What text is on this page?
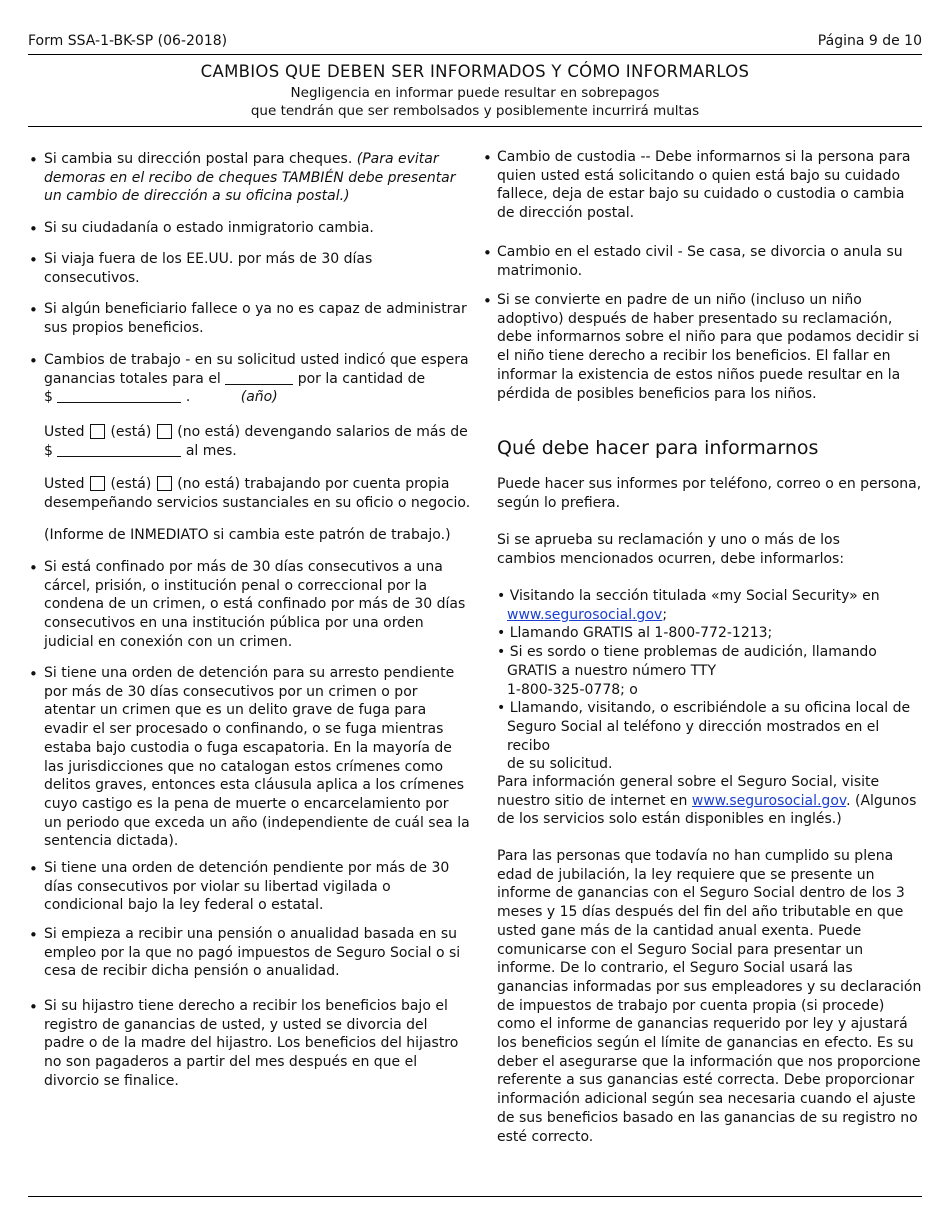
Form SSA-1-BK-SP (06-2018)	Página 9 de 10
CAMBIOS QUE DEBEN SER INFORMADOS Y CÓMO INFORMARLOS
Negligencia en informar puede resultar en sobrepagos
que tendrán que ser rembolsados y posiblemente incurrirá multas
• Si cambia su dirección postal para cheques. (Para evitar demoras en el recibo de cheques TAMBIÉN debe presentar un cambio de dirección a su oficina postal.)
• Si su ciudadanía o estado inmigratorio cambia.
• Si viaja fuera de los EE.UU. por más de 30 días consecutivos.
• Si algún beneficiario fallece o ya no es capaz de administrar sus propios beneficios.
• Cambios de trabajo - en su solicitud usted indicó que espera
ganancias totales para el	por la cantidad de
$	.	(año)
Usted (está) (no está) devengando salarios de más de
$	al mes.
Usted (está) (no está) trabajando por cuenta propia
desempeñando servicios sustanciales en su oficio o negocio.
(Informe de INMEDIATO si cambia este patrón de trabajo.)
• Si está confinado por más de 30 días consecutivos a una cárcel, prisión, o institución penal o correccional por la condena de un crimen, o está confinado por más de 30 días consecutivos en una institución pública por una orden judicial en conexión con un crimen.
• Si tiene una orden de detención para su arresto pendiente por más de 30 días consecutivos por un crimen o por atentar un crimen que es un delito grave de fuga para evadir el ser procesado o confinando, o se fuga mientras estaba bajo custodia o fuga escapatoria. En la mayoría de las jurisdicciones que no catalogan estos crímenes como delitos graves, entonces esta cláusula aplica a los crímenes cuyo castigo es la pena de muerte o encarcelamiento por un periodo que exceda un año (independiente de cuál sea la sentencia dictada).
• Si tiene una orden de detención pendiente por más de 30 días consecutivos por violar su libertad vigilada o condicional bajo la ley federal o estatal.
• Si empieza a recibir una pensión o anualidad basada en su empleo por la que no pagó impuestos de Seguro Social o si cesa de recibir dicha pensión o anualidad.
• Si su hijastro tiene derecho a recibir los beneficios bajo el registro de ganancias de usted, y usted se divorcia del padre o de la madre del hijastro. Los beneficios del hijastro no son pagaderos a partir del mes después en que el divorcio se finalice.
• Cambio de custodia -- Debe informarnos si la persona para quien usted está solicitando o quien está bajo su cuidado fallece, deja de estar bajo su cuidado o custodia o cambia de dirección postal.
• Cambio en el estado civil - Se casa, se divorcia o anula su matrimonio.
• Si se convierte en padre de un niño (incluso un niño adoptivo) después de haber presentado su reclamación, debe informarnos sobre el niño para que podamos decidir si el niño tiene derecho a recibir los beneficios. El fallar en informar la existencia de estos niños puede resultar en la pérdida de posibles beneficios para los niños.
Qué debe hacer para informarnos
Puede hacer sus informes por teléfono, correo o en persona, según lo prefiera.
Si se aprueba su reclamación y uno o más de los cambios mencionados ocurren, debe informarlos:
• Visitando la sección titulada «my Social Security» en
www.segurosocial.gov;
• Llamando GRATIS al 1-800-772-1213;
• Si es sordo o tiene problemas de audición, llamando
GRATIS a nuestro número TTY
1-800-325-0778; o
• Llamando, visitando, o escribiéndole a su oficina local de
Seguro Social al teléfono y dirección mostrados en el recibo
de su solicitud.
Para información general sobre el Seguro Social, visite
nuestro sitio de internet en www.segurosocial.gov. (Algunos
de los servicios solo están disponibles en inglés.)
Para las personas que todavía no han cumplido su plena edad de jubilación, la ley requiere que se presente un informe de ganancias con el Seguro Social dentro de los 3 meses y 15 días después del fin del año tributable en que usted gane más de la cantidad anual exenta. Puede comunicarse con el Seguro Social para presentar un informe. De lo contrario, el Seguro Social usará las ganancias informadas por sus empleadores y su declaración de impuestos de trabajo por cuenta propia (si procede) como el informe de ganancias requerido por ley y ajustará los beneficios según el límite de ganancias en efecto. Es su deber el asegurarse que la información que nos proporcione referente a sus ganancias esté correcta. Debe proporcionar información adicional según sea necesaria cuando el ajuste de sus beneficios basado en las ganancias de su registro no esté correcto.
